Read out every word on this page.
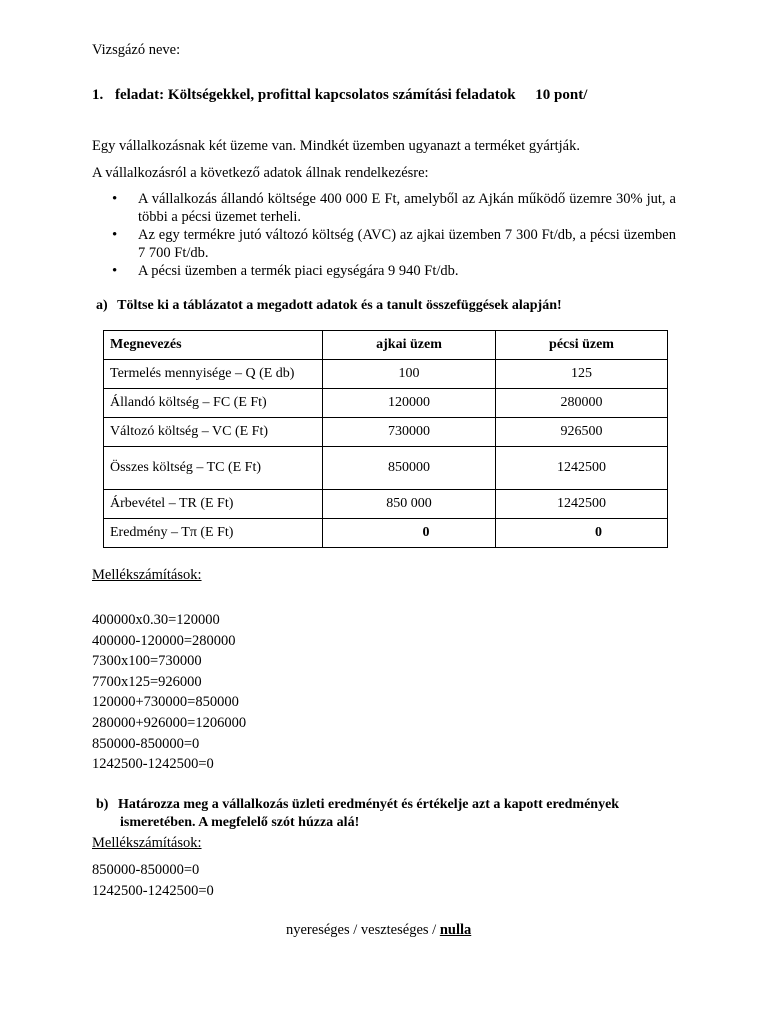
Vizsgázó neve:
1. feladat: Költségekkel, profittal kapcsolatos számítási feladatok 10 pont/
Egy vállalkozásnak két üzeme van. Mindkét üzemben ugyanazt a terméket gyártják.
A vállalkozásról a következő adatok állnak rendelkezésre:
• A vállalkozás állandó költsége 400 000 E Ft, amelyből az Ajkán működő üzemre 30% jut, a többi a pécsi üzemet terheli.
• Az egy termékre jutó változó költség (AVC) az ajkai üzemben 7 300 Ft/db, a pécsi üzemben 7 700 Ft/db.
• A pécsi üzemben a termék piaci egységára 9 940 Ft/db.
a) Töltse ki a táblázatot a megadott adatok és a tanult összefüggések alapján!
Megnevezés	ajkai üzem	pécsi üzem
Termelés mennyisége – Q (E db)	100	125
Állandó költség – FC (E Ft)	120000	280000
Változó költség – VC (E Ft)	730000	926500
Összes költség – TC (E Ft)	850000	1242500
Árbevétel – TR (E Ft)	850 000	1242500
Eredmény – Tπ (E Ft)	0	0
Mellékszámítások:
400000x0.30=120000
400000-120000=280000
7300x100=730000
7700x125=926000
120000+730000=850000
280000+926000=1206000
850000-850000=0
1242500-1242500=0
b) Határozza meg a vállalkozás üzleti eredményét és értékelje azt a kapott eredmények
ismeretében. A megfelelő szót húzza alá!
Mellékszámítások:
850000-850000=0
1242500-1242500=0
nyereséges / veszteséges / nulla
